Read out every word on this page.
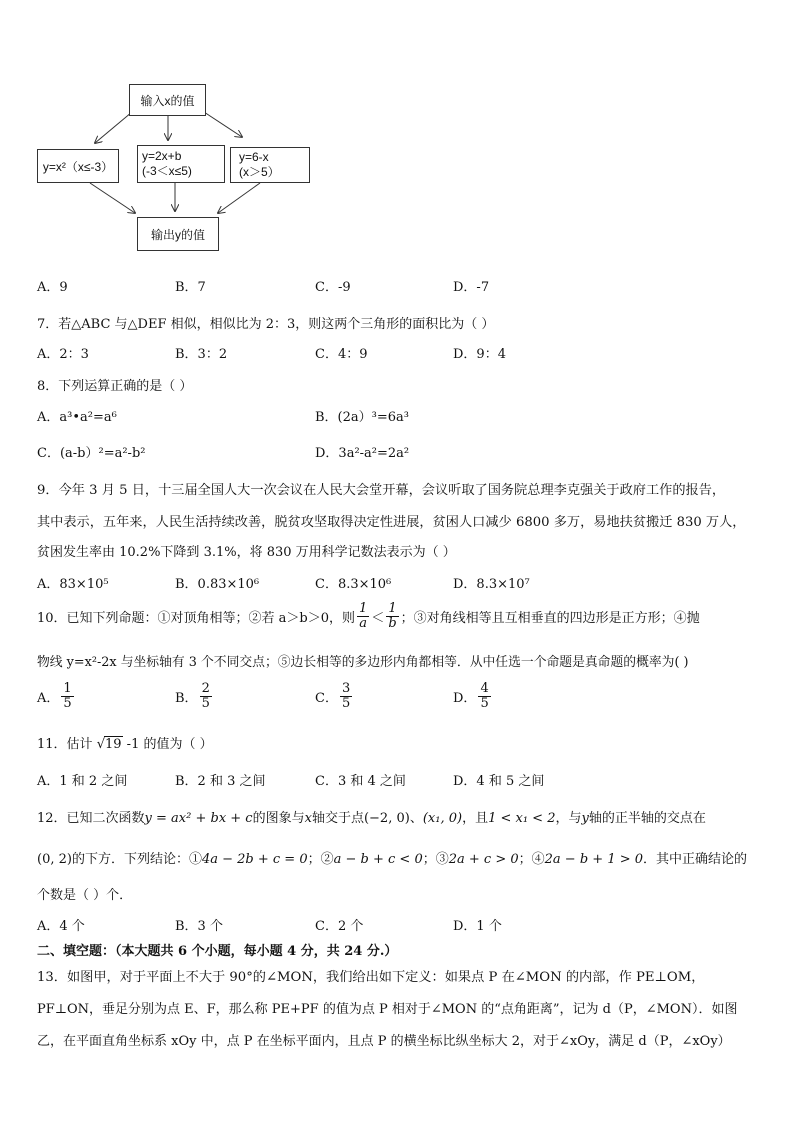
输入x的值
y=x²（x≤-3）
y=2x+b
(-3＜x≤5)
y=6-x
(x＞5）
输出y的值
A．9	B．7	C．-9	D．-7
7．若△ABC 与△DEF 相似，相似比为 2：3，则这两个三角形的面积比为（ ）
A．2：3	B．3：2	C．4：9	D．9：4
8．下列运算正确的是（ ）
A．a³•a²=a⁶	B．(2a）³=6a³
C．(a-b）²=a²-b²	D．3a²-a²=2a²
9．今年 3 月 5 日，十三届全国人大一次会议在人民大会堂开幕，会议听取了国务院总理李克强关于政府工作的报告，
其中表示，五年来，人民生活持续改善，脱贫攻坚取得决定性进展，贫困人口减少 6800 多万，易地扶贫搬迁 830 万人，
贫困发生率由 10.2%下降到 3.1%，将 830 万用科学记数法表示为（ ）
A．83×10⁵	B．0.83×10⁶	C．8.3×10⁶	D．8.3×10⁷
10．已知下列命题：①对顶角相等；②若 a＞b＞0，则 $\frac{1}{a} < \frac{1}{b}$ ；③对角线相等且互相垂直的四边形是正方形；④抛
物线 y=x²-2x 与坐标轴有 3 个不同交点；⑤边长相等的多边形内角都相等．从中任选一个命题是真命题的概率为( )
A． $\frac{1}{5}$	B． $\frac{2}{5}$	C． $\frac{3}{5}$	D． $\frac{4}{5}$
11．估计 √19 -1 的值为（ ）
A．1 和 2 之间	B．2 和 3 之间	C．3 和 4 之间	D．4 和 5 之间
12．已知二次函数y = ax² + bx + c的图象与x轴交于点(−2, 0)、(x₁, 0)，且1 < x₁ < 2，与y轴的正半轴的交点在
(0, 2)的下方．下列结论：①4a − 2b + c = 0；②a − b + c < 0；③2a + c > 0；④2a − b + 1 > 0．其中正确结论的
个数是（ ）个．
A．4 个	B．3 个	C．2 个	D．1 个
二、填空题：（本大题共 6 个小题，每小题 4 分，共 24 分.）
13．如图甲，对于平面上不大于 90°的∠MON，我们给出如下定义：如果点 P 在∠MON 的内部，作 PE⊥OM，
PF⊥ON，垂足分别为点 E、F，那么称 PE+PF 的值为点 P 相对于∠MON 的“点角距离”，记为 d（P，∠MON）．如图
乙，在平面直角坐标系 xOy 中，点 P 在坐标平面内，且点 P 的横坐标比纵坐标大 2，对于∠xOy，满足 d（P，∠xOy）
